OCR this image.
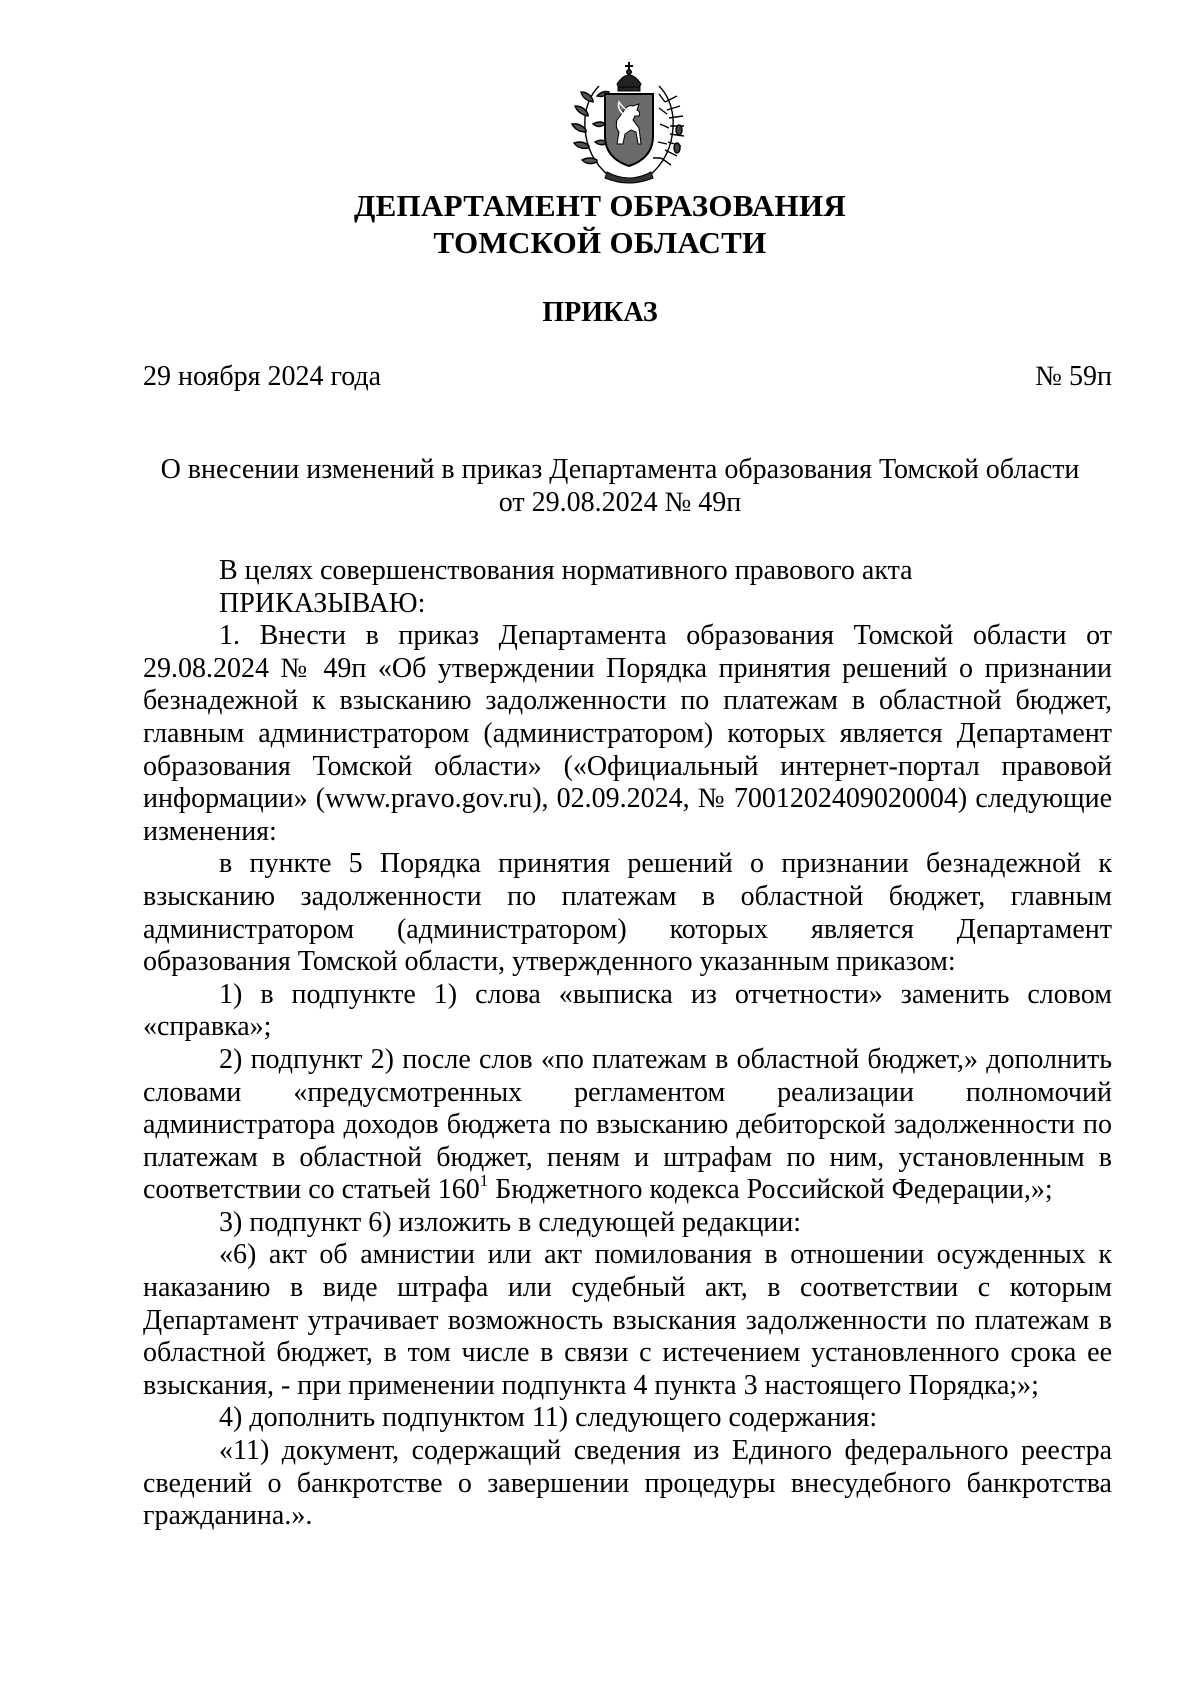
ДЕПАРТАМЕНТ ОБРАЗОВАНИЯ
ТОМСКОЙ ОБЛАСТИ
ПРИКАЗ
29 ноября 2024 года	№ 59п
О внесении изменений в приказ Департамента образования Томской области
от 29.08.2024 № 49п

В целях совершенствования нормативного правового акта

ПРИКАЗЫВАЮ:

1. Внести в приказ Департамента образования Томской области от 29.08.2024 № 49п «Об утверждении Порядка принятия решений о признании безнадежной к взысканию задолженности по платежам в областной бюджет, главным администратором (администратором) которых является Департамент образования Томской области» («Официальный интернет-портал правовой информации» (www.pravo.gov.ru), 02.09.2024, № 7001202409020004) следующие изменения:

в пункте 5 Порядка принятия решений о признании безнадежной к взысканию задолженности по платежам в областной бюджет, главным администратором (администратором) которых является Департамент образования Томской области, утвержденного указанным приказом:

1) в подпункте 1) слова «выписка из отчетности» заменить словом «справка»;

2) подпункт 2) после слов «по платежам в областной бюджет,» дополнить словами «предусмотренных регламентом реализации полномочий администратора доходов бюджета по взысканию дебиторской задолженности по платежам в областной бюджет, пеням и штрафам по ним, установленным в соответствии со статьей $160^1$ Бюджетного кодекса Российской Федерации,»;

3) подпункт 6) изложить в следующей редакции:

«6) акт об амнистии или акт помилования в отношении осужденных к наказанию в виде штрафа или судебный акт, в соответствии с которым Департамент утрачивает возможность взыскания задолженности по платежам в областной бюджет, в том числе в связи с истечением установленного срока ее взыскания, - при применении подпункта 4 пункта 3 настоящего Порядка;»;

4) дополнить подпунктом 11) следующего содержания:

«11) документ, содержащий сведения из Единого федерального реестра сведений о банкротстве о завершении процедуры внесудебного банкротства гражданина.».
